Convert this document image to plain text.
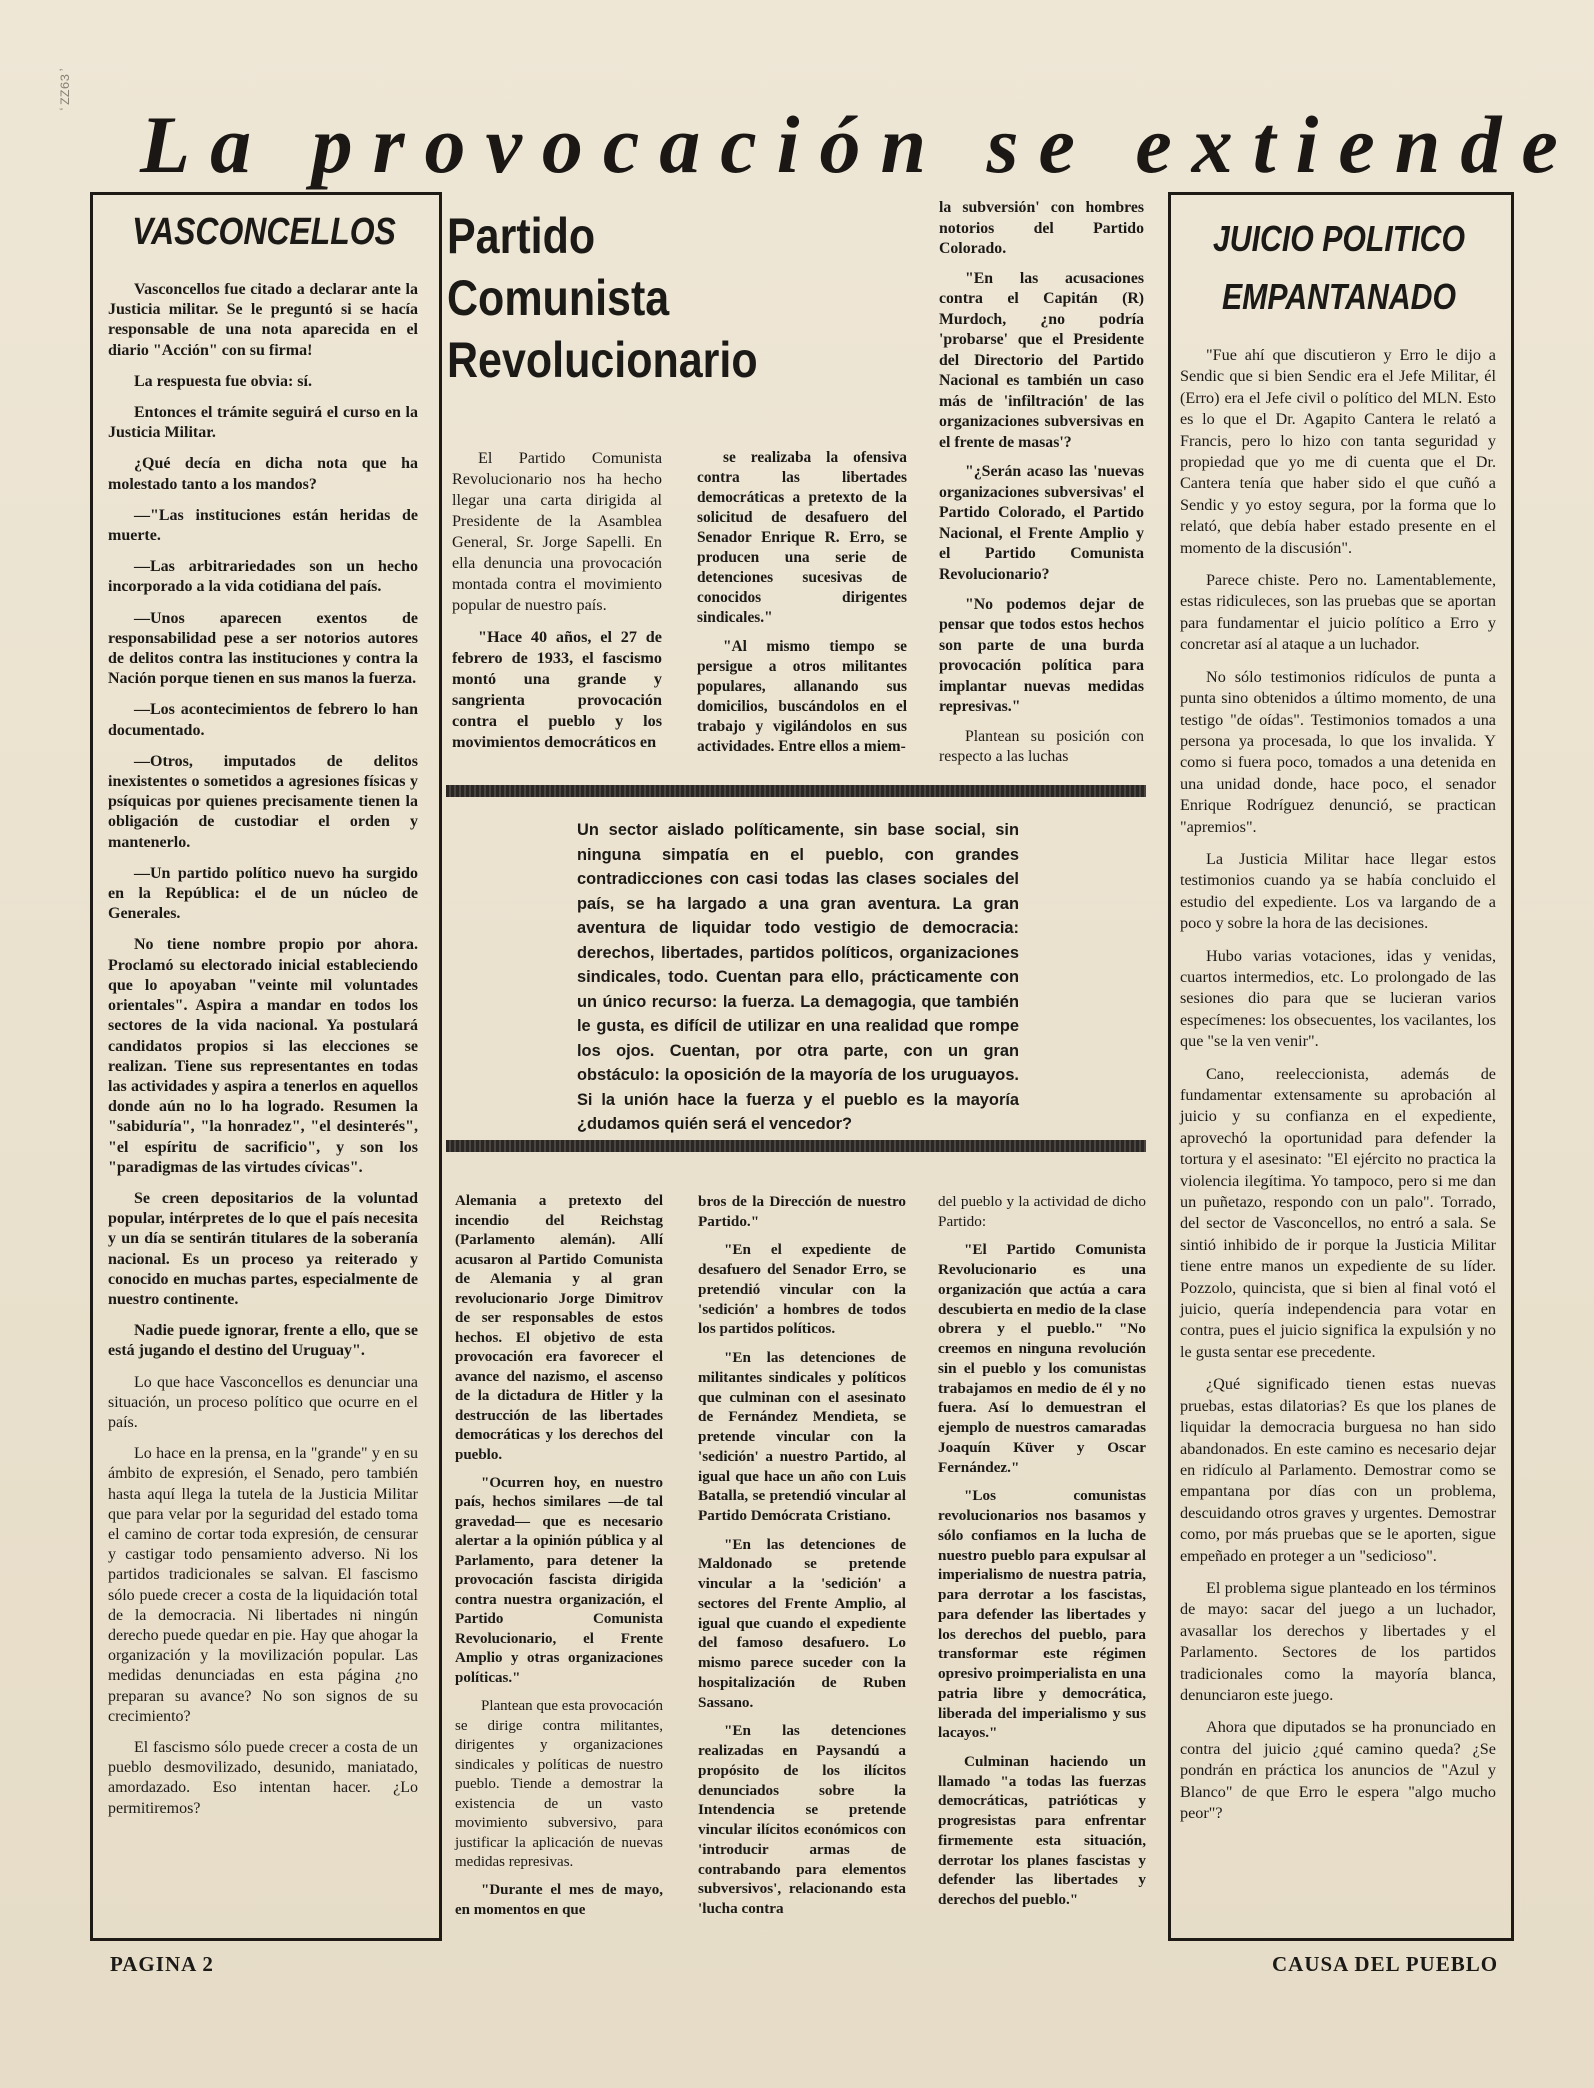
ʻZZ63ʼ
La provocación se extiende
VASCONCELLOS

Vasconcellos fue citado a declarar ante la Justicia militar. Se le preguntó si se hacía responsable de una nota aparecida en el diario "Acción" con su firma!

La respuesta fue obvia: sí.

Entonces el trámite seguirá el curso en la Justicia Militar.

¿Qué decía en dicha nota que ha molestado tanto a los mandos?

—"Las instituciones están heridas de muerte.

—Las arbitrariedades son un hecho incorporado a la vida cotidiana del país.

—Unos aparecen exentos de responsabilidad pese a ser notorios autores de delitos contra las instituciones y contra la Nación porque tienen en sus manos la fuerza.

—Los acontecimientos de febrero lo han documentado.

—Otros, imputados de delitos inexistentes o sometidos a agresiones físicas y psíquicas por quienes precisamente tienen la obligación de custodiar el orden y mantenerlo.

—Un partido político nuevo ha surgido en la República: el de un núcleo de Generales.

No tiene nombre propio por ahora. Proclamó su electorado inicial estableciendo que lo apoyaban "veinte mil voluntades orientales". Aspira a mandar en todos los sectores de la vida nacional. Ya postulará candidatos propios si las elecciones se realizan. Tiene sus representantes en todas las actividades y aspira a tenerlos en aquellos donde aún no lo ha logrado. Resumen la "sabiduría", "la honradez", "el desinterés", "el espíritu de sacrificio", y son los "paradigmas de las virtudes cívicas".

Se creen depositarios de la voluntad popular, intérpretes de lo que el país necesita y un día se sentirán titulares de la soberanía nacional. Es un proceso ya reiterado y conocido en muchas partes, especialmente de nuestro continente.

Nadie puede ignorar, frente a ello, que se está jugando el destino del Uruguay".

Lo que hace Vasconcellos es denunciar una situación, un proceso político que ocurre en el país.

Lo hace en la prensa, en la "grande" y en su ámbito de expresión, el Senado, pero también hasta aquí llega la tutela de la Justicia Militar que para velar por la seguridad del estado toma el camino de cortar toda expresión, de censurar y castigar todo pensamiento adverso. Ni los partidos tradicionales se salvan. El fascismo sólo puede crecer a costa de la liquidación total de la democracia. Ni libertades ni ningún derecho puede quedar en pie. Hay que ahogar la organización y la movilización popular. Las medidas denunciadas en esta página ¿no preparan su avance? No son signos de su crecimiento?

El fascismo sólo puede crecer a costa de un pueblo desmovilizado, desunido, maniatado, amordazado. Eso intentan hacer. ¿Lo permitiremos?

Partido
Comunista
Revolucionario

El Partido Comunista Revolucionario nos ha hecho llegar una carta dirigida al Presidente de la Asamblea General, Sr. Jorge Sapelli. En ella denuncia una provocación montada contra el movimiento popular de nuestro país.

"Hace 40 años, el 27 de febrero de 1933, el fascismo montó una grande y sangrienta provocación contra el pueblo y los movimientos democráticos en

se realizaba la ofensiva contra las libertades democráticas a pretexto de la solicitud de desafuero del Senador Enrique R. Erro, se producen una serie de detenciones sucesivas de conocidos dirigentes sindicales."

"Al mismo tiempo se persigue a otros militantes populares, allanando sus domicilios, buscándolos en el trabajo y vigilándolos en sus actividades. Entre ellos a miem-

la subversión' con hombres notorios del Partido Colorado.

"En las acusaciones contra el Capitán (R) Murdoch, ¿no podría 'probarse' que el Presidente del Directorio del Partido Nacional es también un caso más de 'infiltración' de las organizaciones subversivas en el frente de masas'?

"¿Serán acaso las 'nuevas organizaciones subversivas' el Partido Colorado, el Partido Nacional, el Frente Amplio y el Partido Comunista Revolucionario?

"No podemos dejar de pensar que todos estos hechos son parte de una burda provocación política para implantar nuevas medidas represivas."

Plantean su posición con respecto a las luchas

Un sector aislado políticamente, sin base social, sin ninguna simpatía en el pueblo, con grandes contradicciones con casi todas las clases sociales del país, se ha largado a una gran aventura. La gran aventura de liquidar todo vestigio de democracia: derechos, libertades, partidos políticos, organizaciones sindicales, todo. Cuentan para ello, prácticamente con un único recurso: la fuerza. La demagogia, que también le gusta, es difícil de utilizar en una realidad que rompe los ojos. Cuentan, por otra parte, con un gran obstáculo: la oposición de la mayoría de los uruguayos. Si la unión hace la fuerza y el pueblo es la mayoría ¿dudamos quién será el vencedor?

Alemania a pretexto del incendio del Reichstag (Parlamento alemán). Allí acusaron al Partido Comunista de Alemania y al gran revolucionario Jorge Dimitrov de ser responsables de estos hechos. El objetivo de esta provocación era favorecer el avance del nazismo, el ascenso de la dictadura de Hitler y la destrucción de las libertades democráticas y los derechos del pueblo.

"Ocurren hoy, en nuestro país, hechos similares —de tal gravedad— que es necesario alertar a la opinión pública y al Parlamento, para detener la provocación fascista dirigida contra nuestra organización, el Partido Comunista Revolucionario, el Frente Amplio y otras organizaciones políticas."

Plantean que esta provocación se dirige contra militantes, dirigentes y organizaciones sindicales y políticas de nuestro pueblo. Tiende a demostrar la existencia de un vasto movimiento subversivo, para justificar la aplicación de nuevas medidas represivas.

"Durante el mes de mayo, en momentos en que

bros de la Dirección de nuestro Partido."

"En el expediente de desafuero del Senador Erro, se pretendió vincular con la 'sedición' a hombres de todos los partidos políticos.

"En las detenciones de militantes sindicales y políticos que culminan con el asesinato de Fernández Mendieta, se pretende vincular con la 'sedición' a nuestro Partido, al igual que hace un año con Luis Batalla, se pretendió vincular al Partido Demócrata Cristiano.

"En las detenciones de Maldonado se pretende vincular a la 'sedición' a sectores del Frente Amplio, al igual que cuando el expediente del famoso desafuero. Lo mismo parece suceder con la hospitalización de Ruben Sassano.

"En las detenciones realizadas en Paysandú a propósito de los ilícitos denunciados sobre la Intendencia se pretende vincular ilícitos económicos con 'introducir armas de contrabando para elementos subversivos', relacionando esta 'lucha contra

del pueblo y la actividad de dicho Partido:

"El Partido Comunista Revolucionario es una organización que actúa a cara descubierta en medio de la clase obrera y el pueblo." "No creemos en ninguna revolución sin el pueblo y los comunistas trabajamos en medio de él y no fuera. Así lo demuestran el ejemplo de nuestros camaradas Joaquín Küver y Oscar Fernández."

"Los comunistas revolucionarios nos basamos y sólo confiamos en la lucha de nuestro pueblo para expulsar al imperialismo de nuestra patria, para derrotar a los fascistas, para defender las libertades y los derechos del pueblo, para transformar este régimen opresivo proimperialista en una patria libre y democrática, liberada del imperialismo y sus lacayos."

Culminan haciendo un llamado "a todas las fuerzas democráticas, patrióticas y progresistas para enfrentar firmemente esta situación, derrotar los planes fascistas y defender las libertades y derechos del pueblo."

JUICIO POLITICO
EMPANTANADO

"Fue ahí que discutieron y Erro le dijo a Sendic que si bien Sendic era el Jefe Militar, él (Erro) era el Jefe civil o político del MLN. Esto es lo que el Dr. Agapito Cantera le relató a Francis, pero lo hizo con tanta seguridad y propiedad que yo me di cuenta que el Dr. Cantera tenía que haber sido el que cuñó a Sendic y yo estoy segura, por la forma que lo relató, que debía haber estado presente en el momento de la discusión".

Parece chiste. Pero no. Lamentablemente, estas ridiculeces, son las pruebas que se aportan para fundamentar el juicio político a Erro y concretar así al ataque a un luchador.

No sólo testimonios ridículos de punta a punta sino obtenidos a último momento, de una testigo "de oídas". Testimonios tomados a una persona ya procesada, lo que los invalida. Y como si fuera poco, tomados a una detenida en una unidad donde, hace poco, el senador Enrique Rodríguez denunció, se practican "apremios".

La Justicia Militar hace llegar estos testimonios cuando ya se había concluido el estudio del expediente. Los va largando de a poco y sobre la hora de las decisiones.

Hubo varias votaciones, idas y venidas, cuartos intermedios, etc. Lo prolongado de las sesiones dio para que se lucieran varios especímenes: los obsecuentes, los vacilantes, los que "se la ven venir".

Cano, reeleccionista, además de fundamentar extensamente su aprobación al juicio y su confianza en el expediente, aprovechó la oportunidad para defender la tortura y el asesinato: "El ejército no practica la violencia ilegítima. Yo tampoco, pero si me dan un puñetazo, respondo con un palo". Torrado, del sector de Vasconcellos, no entró a sala. Se sintió inhibido de ir porque la Justicia Militar tiene entre manos un expediente de su líder. Pozzolo, quincista, que si bien al final votó el juicio, quería independencia para votar en contra, pues el juicio significa la expulsión y no le gusta sentar ese precedente.

¿Qué significado tienen estas nuevas pruebas, estas dilatorias? Es que los planes de liquidar la democracia burguesa no han sido abandonados. En este camino es necesario dejar en ridículo al Parlamento. Demostrar como se empantana por días con un problema, descuidando otros graves y urgentes. Demostrar como, por más pruebas que se le aporten, sigue empeñado en proteger a un "sedicioso".

El problema sigue planteado en los términos de mayo: sacar del juego a un luchador, avasallar los derechos y libertades y el Parlamento. Sectores de los partidos tradicionales como la mayoría blanca, denunciaron este juego.

Ahora que diputados se ha pronunciado en contra del juicio ¿qué camino queda? ¿Se pondrán en práctica los anuncios de "Azul y Blanco" de que Erro le espera "algo mucho peor"?

PAGINA 2	CAUSA DEL PUEBLO
